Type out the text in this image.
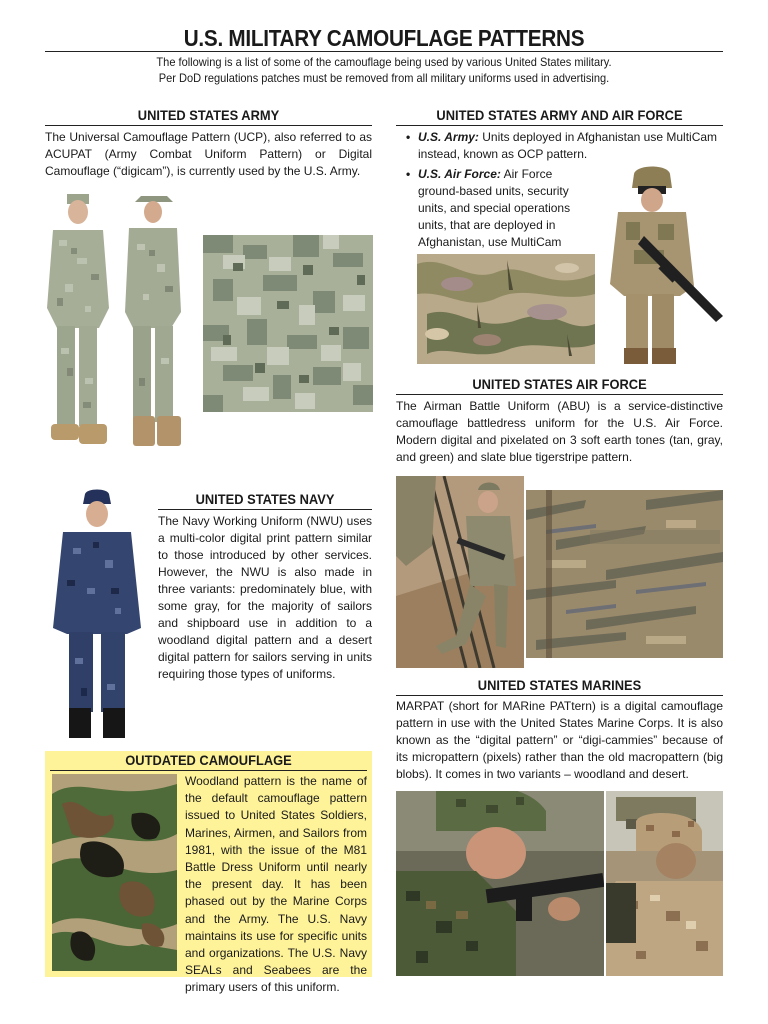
U.S. MILITARY CAMOUFLAGE PATTERNS
The following is a list of some of the camouflage being used by various United States military.
Per DoD regulations patches must be removed from all military uniforms used in advertising.
UNITED STATES ARMY
The Universal Camouflage Pattern (UCP), also referred to as ACUPAT (Army Combat Uniform Pattern) or Digital Camouflage (“digicam”), is currently used by the U.S. Army.
UNITED STATES ARMY AND AIR FORCE
• U.S. Army: Units deployed in Afghanistan use MultiCam instead, known as OCP pattern.
• U.S. Air Force: Air Force ground-based units, security units, and special operations units, that are deployed in Afghanistan, use MultiCam
UNITED STATES AIR FORCE
The Airman Battle Uniform (ABU) is a service-distinctive camouflage battledress uniform for the U.S. Air Force. Modern digital and pixelated on 3 soft earth tones (tan, gray, and green) and slate blue tigerstripe pattern.
UNITED STATES NAVY
The Navy Working Uniform (NWU) uses a multi-color digital print pattern similar to those introduced by other services. However, the NWU is also made in three variants: predominately blue, with some gray, for the majority of sailors and shipboard use in addition to a woodland digital pattern and a desert digital pattern for sailors serving in units requiring those types of uniforms.
OUTDATED CAMOUFLAGE
Woodland pattern is the name of the default camouflage pattern issued to United States Soldiers, Marines, Airmen, and Sailors from 1981, with the issue of the M81 Battle Dress Uniform until nearly the present day. It has been phased out by the Marine Corps and the Army. The U.S. Navy maintains its use for specific units and organizations. The U.S. Navy SEALs and Seabees are the primary users of this uniform.
UNITED STATES MARINES
MARPAT (short for MARine PATtern) is a digital camouflage pattern in use with the United States Marine Corps. It is also known as the “digital pattern” or “digi-cammies” because of its micropattern (pixels) rather than the old macropattern (big blobs). It comes in two variants – woodland and desert.
